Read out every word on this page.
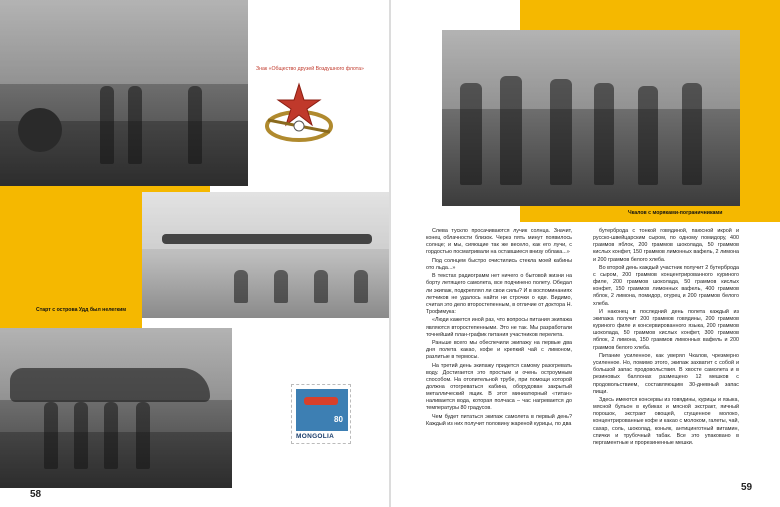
Знак «Общество друзей Воздушного флота»
Старт с острова Удд был нелегким
80
MONGOLIA
58
Чкалов с моряками-пограничниками

Слева тускло просачиваются лучик солнца. Значит, конец облачности близок. Через пять минут появилось солнце; и мы, сияющие так же весело, как его лучи, с гордостью посматривали на оставшиеся внизу облака...»

Под солнцем быстро очистились стекла моей кабины ото льда...»

В текстах радиограмм нет ничего о бытовой жизни на борту летящего самолета, все подчинено полету. Обедал ли экипаж, подкреплял ли свои силы? И в воспоминаниях летчиков не удалось найти ни строчки о еде. Видимо, считая это дело второстепенным, в отличие от доктора Н. Трофимука:

«Люди кажется иной раз, что вопросы питания экипажа являются второстепенными. Это не так. Мы разработали точнейший план-график питания участников перелета.

Раньше всего мы обеспечили экипажу на первые два дня полета какао, кофе и крепкий чай с лимоном, разлитые в термосы.

На третий день экипажу придется самому разогревать воду. Достигается это простым и очень остроумным способом. На отопительной трубе, при помощи которой должна отогреваться кабина, оборудован закрытый металлический ящик. В этот миниатюрный «титан» наливается вода, которая полчаса – час нагревается до температуры 80 градусов.

Чем будет питаться экипаж самолета в первый день? Каждый из них получит половину жареной курицы, по два

бутерброда с тонкой говядиной, паюсной икрой и русско-швейцарским сыром, по одному помидору, 400 граммов яблок, 200 граммов шоколада, 50 граммов кислых конфет, 150 граммов лимонных вафель, 2 лимона и 200 граммов белого хлеба.

Во второй день каждый участник получит 2 бутерброда с сыром, 200 граммов концентрированного куриного филе, 200 граммов шоколада, 50 граммов кислых конфет, 150 граммов лимонных вафель, 400 граммов яблок, 2 лимона, помидор, огурец и 200 граммов белого хлеба.

И наконец в последний день полета каждый из экипажа получит 200 граммов говядины, 200 граммов куриного филе и консервированного языка, 200 граммов шоколада, 50 граммов кислых конфет, 300 граммов яблок, 2 лимона, 150 граммов лимонных вафель и 200 граммов белого хлеба.

Питание усиленное, как уверял Чкалов, чрезмерно усиленное. Но, помимо этого, экипаж захватит с собой и большой запас продовольствия. В хвосте самолета и в резиновых баллонах размещено 12 мешков с продовольствием, составляющим 30-дневный запас пищи.

Здесь имеются консервы из говядины, курицы и языка, мясной бульон в кубиках и мясной экстракт, яичный порошок, экстракт овощей, сгущенное молоко, концентрированные кофе и какао с молоком, галеты, чай, сахар, соль, шоколад, коньяк, антицинготный витамин, спички и трубочный табак. Все это упаковано в пергаментные и прорезиненные мешки.

59
